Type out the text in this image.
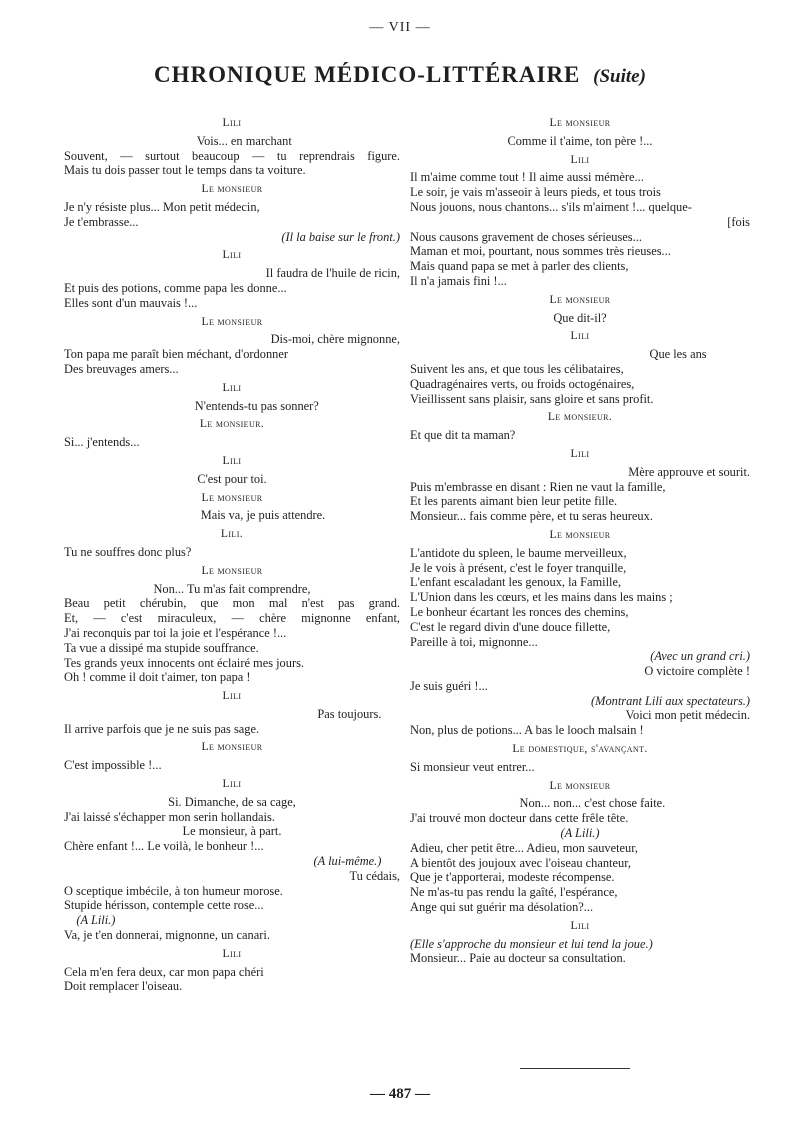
— VII —
CHRONIQUE MÉDICO-LITTÉRAIRE (Suite)
Lili
Vois... en marchant
Souvent, — surtout beaucoup — tu reprendrais figure.
Mais tu dois passer tout le temps dans ta voiture.
Le monsieur
Je n'y résiste plus... Mon petit médecin,
Je t'embrasse...
(Il la baise sur le front.)
Lili
Il faudra de l'huile de ricin,
Et puis des potions, comme papa les donne...
Elles sont d'un mauvais !...
Le monsieur
Dis-moi, chère mignonne,
Ton papa me paraît bien méchant, d'ordonner
Des breuvages amers...
Lili
N'entends-tu pas sonner?
Le monsieur.
Si... j'entends...
Lili
C'est pour toi.
Le monsieur
Mais va, je puis attendre.
Lili.
Tu ne souffres donc plus?
Le monsieur
Non... Tu m'as fait comprendre,
Beau petit chérubin, que mon mal n'est pas grand.
Et, — c'est miraculeux, — chère mignonne enfant,
J'ai reconquis par toi la joie et l'espérance !...
Ta vue a dissipé ma stupide souffrance.
Tes grands yeux innocents ont éclairé mes jours.
Oh ! comme il doit t'aimer, ton papa !
Lili
Pas toujours.
Il arrive parfois que je ne suis pas sage.
Le monsieur
C'est impossible !...
Lili
Si. Dimanche, de sa cage,
J'ai laissé s'échapper mon serin hollandais.
Le monsieur, à part.
Chère enfant !... Le voilà, le bonheur !...
(A lui-même.)
Tu cédais,
O sceptique imbécile, à ton humeur morose.
Stupide hérisson, contemple cette rose...
(A Lili.)
Va, je t'en donnerai, mignonne, un canari.
Lili
Cela m'en fera deux, car mon papa chéri
Doit remplacer l'oiseau.
Le monsieur
Comme il t'aime, ton père !...
Lili
Il m'aime comme tout ! Il aime aussi mémère...
Le soir, je vais m'asseoir à leurs pieds, et tous trois
Nous jouons, nous chantons... s'ils m'aiment !... quelque-
[fois
Nous causons gravement de choses sérieuses...
Maman et moi, pourtant, nous sommes très rieuses...
Mais quand papa se met à parler des clients,
Il n'a jamais fini !...
Le monsieur
Que dit-il?
Lili
Que les ans
Suivent les ans, et que tous les célibataires,
Quadragénaires verts, ou froids octogénaires,
Vieillissent sans plaisir, sans gloire et sans profit.
Le monsieur.
Et que dit ta maman?
Lili
Mère approuve et sourit.
Puis m'embrasse en disant : Rien ne vaut la famille,
Et les parents aimant bien leur petite fille.
Monsieur... fais comme père, et tu seras heureux.
Le monsieur
L'antidote du spleen, le baume merveilleux,
Je le vois à présent, c'est le foyer tranquille,
L'enfant escaladant les genoux, la Famille,
L'Union dans les cœurs, et les mains dans les mains ;
Le bonheur écartant les ronces des chemins,
C'est le regard divin d'une douce fillette,
Pareille à toi, mignonne...
(Avec un grand cri.)
O victoire complète !
Je suis guéri !...
(Montrant Lili aux spectateurs.)
Voici mon petit médecin.
Non, plus de potions... A bas le looch malsain !
Le domestique, s'avançant.
Si monsieur veut entrer...
Le monsieur
Non... non... c'est chose faite.
J'ai trouvé mon docteur dans cette frêle tête.
(A Lili.)
Adieu, cher petit être... Adieu, mon sauveteur,
A bientôt des joujoux avec l'oiseau chanteur,
Que je t'apporterai, modeste récompense.
Ne m'as-tu pas rendu la gaîté, l'espérance,
Ange qui sut guérir ma désolation?...
Lili
(Elle s'approche du monsieur et lui tend la joue.)
Monsieur... Paie au docteur sa consultation.
— 487 —
